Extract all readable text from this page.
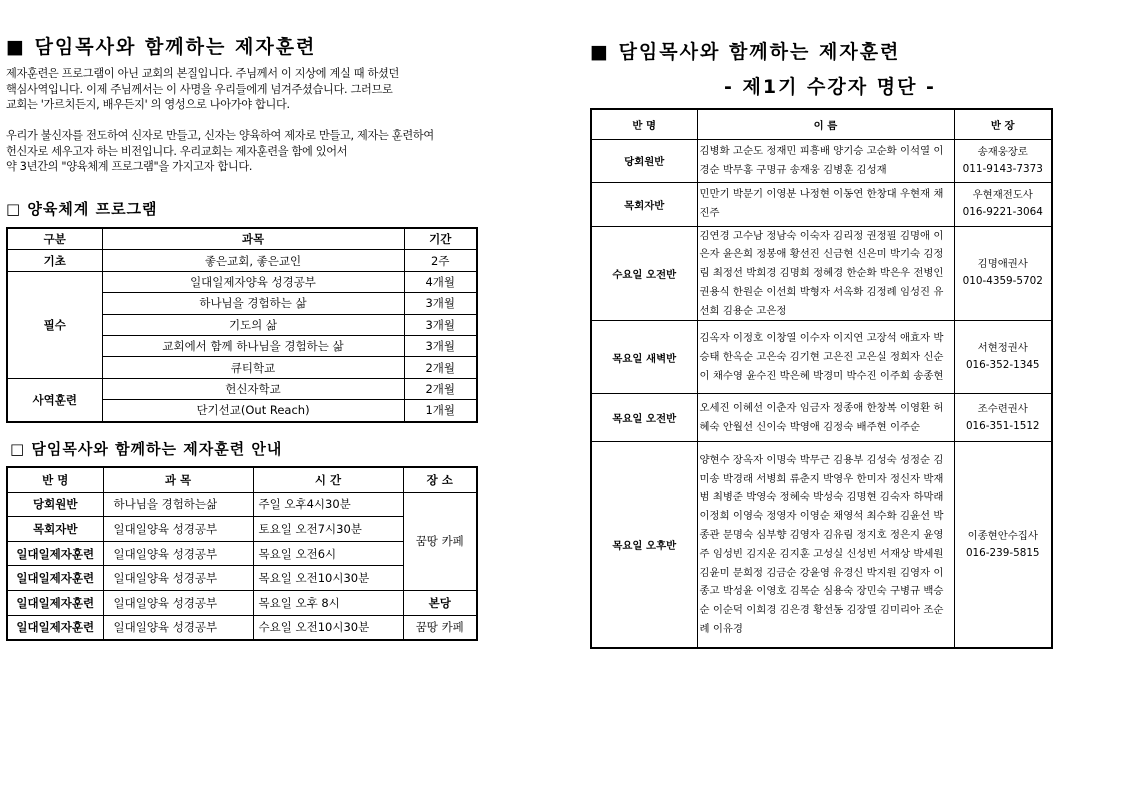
■ 담임목사와 함께하는 제자훈련
제자훈련은 프로그램이 아닌 교회의 본질입니다. 주님께서 이 지상에 계실 때 하셨던
핵심사역입니다. 이제 주님께서는 이 사명을 우리들에게 넘겨주셨습니다. 그러므로
교회는 '가르치든지, 배우든지' 의 영성으로 나아가야 합니다.
우리가 불신자를 전도하여 신자로 만들고, 신자는 양육하여 제자로 만들고, 제자는 훈련하여
헌신자로 세우고자 하는 비전입니다. 우리교회는 제자훈련을 함에 있어서
약 3년간의 "양육체계 프로그램"을 가지고자 합니다.
□ 양육체계 프로그램
구분	과목	기간
기초	좋은교회, 좋은교인	2주
필수	일대일제자양육 성경공부	4개월
	하나님을 경험하는 삶	3개월
	기도의 삶	3개월
	교회에서 함께 하나님을 경험하는 삶	3개월
	큐티학교	2개월
사역훈련	헌신자학교	2개월
	단기선교(Out Reach)	1개월
□ 담임목사와 함께하는 제자훈련 안내
반 명	과 목	시 간	장 소
당회원반	하나님을 경험하는삶	주일 오후4시30분	꿈땅 카페
목회자반	일대일양육 성경공부	토요일 오전7시30분	
일대일제자훈련	일대일양육 성경공부	목요일 오전6시	
일대일제자훈련	일대일양육 성경공부	목요일 오전10시30분	
일대일제자훈련	일대일양육 성경공부	목요일 오후 8시	본당
일대일제자훈련	일대일양육 성경공부	수요일 오전10시30분	꿈땅 카페
■ 담임목사와 함께하는 제자훈련
- 제1기 수강자 명단 -
반 명	이 름	반 장
당회원반	김병화 고순도 정재민 피흥배 양기승 고순화 이석열 이경순 박무홍 구명규 송재웅 김병훈 김성재	송재웅장로
011-9143-7373

목회자반	민만기 박문기 이영분 나정현 이동연 한창대 우현재 채진주	우현재전도사
016-9221-3064

수요일 오전반	김연경 고수남 정남숙 이숙자 김리정 권정필 김명애 이은자 윤은희 정봉애 황선진 신금현 신은미 박기숙 김정림 최정선 박희경 김명희 정혜경 한순화 박은우 전병인 권용식 한원순 이선희 박형자 서옥화 김정례 임성진 유선희 김용순 고은정	김명애권사
010-4359-5702

목요일 새벽반	김옥자 이정호 이창열 이수자 이지연 고장석 애효자 박승태 한옥순 고은숙 김기현 고은진 고은실 정희자 신순이 채수영 윤수진 박은혜 박경미 박수진 이주희 송종현	서현정권사
016-352-1345

목요일 오전반	오세진 이혜선 이춘자 임금자 정종애 한창복 이영환 허혜숙 안월선 신이숙 박영애 김정숙 배주현 이주순	조수련권사
016-351-1512

목요일 오후반	양현수 장옥자 이명숙 박무근 김용부 김성숙 성정순 김미송 박경래 서병희 류춘지 박영우 한미자 정신자 박재범 최병준 박영숙 정혜숙 박성숙 김명현 김숙자 하막래 이정희 이영숙 정영자 이영순 채영석 최수화 김윤선 박종관 문명숙 심부향 김영자 김유림 정지호 정은지 윤영주 임성빈 김지운 김지훈 고성실 신성빈 서재상 박세원 김윤미 문희정 김금순 강윤영 유경신 박지원 김영자 이종고 박성윤 이영호 김목순 심용숙 장민숙 구병규 백승순 이순덕 이희경 김은경 황선동 김장열 김미리아 조순례 이유경	이종현안수집사
016-239-5815
